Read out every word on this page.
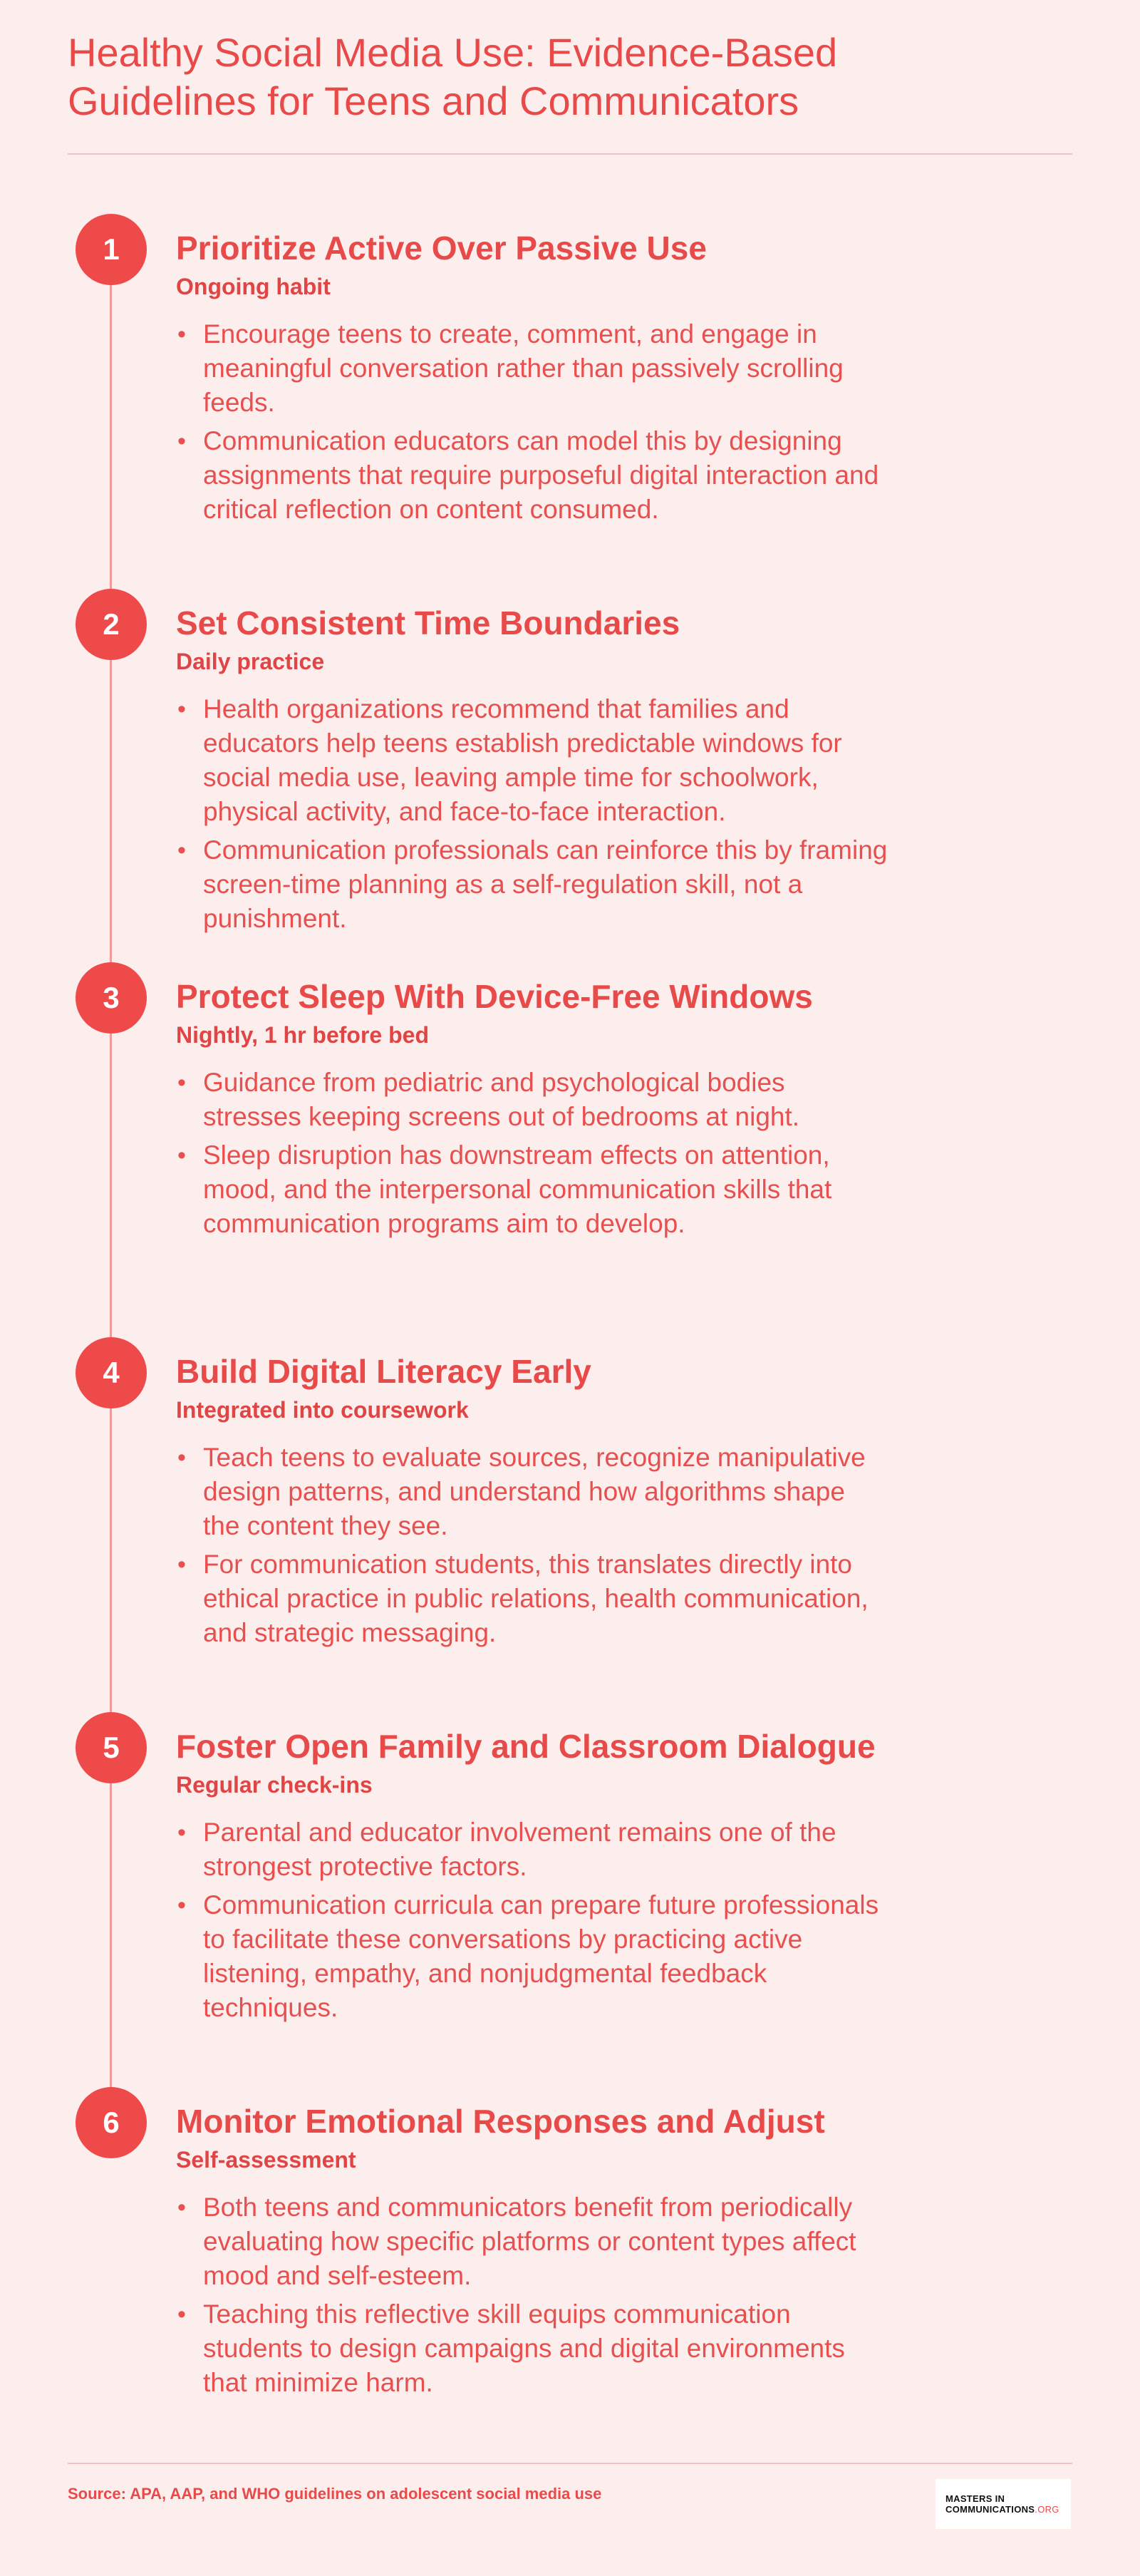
Healthy Social Media Use: Evidence-Based Guidelines for Teens and Communicators
1	Prioritize Active Over Passive Use
Ongoing habit
• Encourage teens to create, comment, and engage in meaningful conversation rather than passively scrolling feeds.
• Communication educators can model this by designing assignments that require purposeful digital interaction and critical reflection on content consumed.
2	Set Consistent Time Boundaries
Daily practice
• Health organizations recommend that families and educators help teens establish predictable windows for social media use, leaving ample time for schoolwork, physical activity, and face-to-face interaction.
• Communication professionals can reinforce this by framing screen-time planning as a self-regulation skill, not a punishment.
3	Protect Sleep With Device-Free Windows
Nightly, 1 hr before bed
• Guidance from pediatric and psychological bodies stresses keeping screens out of bedrooms at night.
• Sleep disruption has downstream effects on attention, mood, and the interpersonal communication skills that communication programs aim to develop.
4	Build Digital Literacy Early
Integrated into coursework
• Teach teens to evaluate sources, recognize manipulative design patterns, and understand how algorithms shape the content they see.
• For communication students, this translates directly into ethical practice in public relations, health communication, and strategic messaging.
5	Foster Open Family and Classroom Dialogue
Regular check-ins
• Parental and educator involvement remains one of the strongest protective factors.
• Communication curricula can prepare future professionals to facilitate these conversations by practicing active listening, empathy, and nonjudgmental feedback techniques.
6	Monitor Emotional Responses and Adjust
Self-assessment
• Both teens and communicators benefit from periodically evaluating how specific platforms or content types affect mood and self-esteem.
• Teaching this reflective skill equips communication students to design campaigns and digital environments that minimize harm.
Source: APA, AAP, and WHO guidelines on adolescent social media use	MASTERS IN
COMMUNICATIONS.ORG
